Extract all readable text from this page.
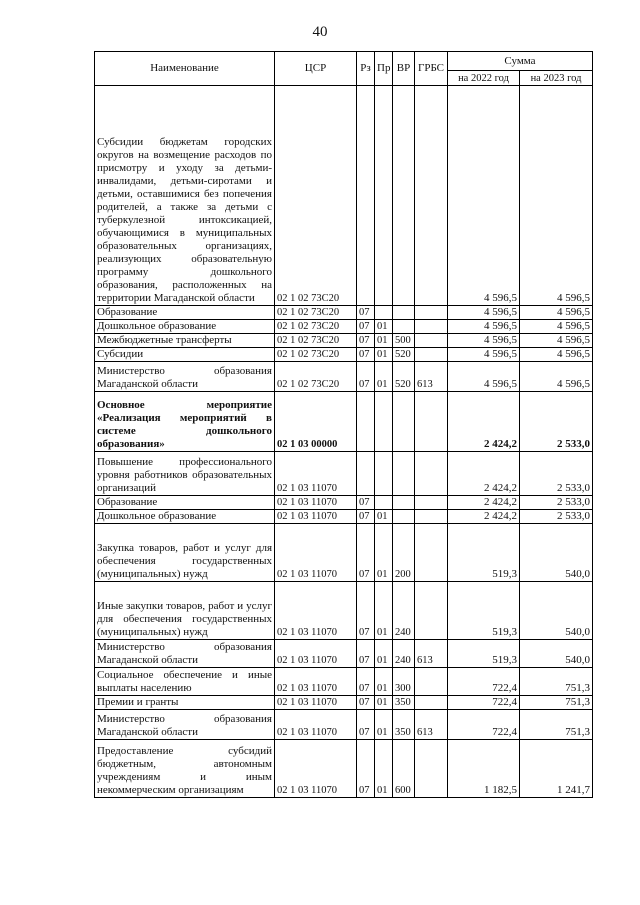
40
Наименование	ЦСР	Рз	Пр	ВР	ГРБС	Сумма	
						на 2022 год	на 2023 год
Субсидии бюджетам городских округов на возмещение расходов по присмотру и уходу за детьми-инвалидами, детьми-сиротами и детьми, оставшимися без попечения родителей, а также за детьми с туберкулезной интоксикацией, обучающимися в муниципальных образовательных организациях, реализующих образовательную программу дошкольного образования, расположенных на территории Магаданской области	02 1 02 73С20					4 596,5	4 596,5
Образование	02 1 02 73С20	07				4 596,5	4 596,5
Дошкольное образование	02 1 02 73С20	07	01			4 596,5	4 596,5
Межбюджетные трансферты	02 1 02 73С20	07	01	500		4 596,5	4 596,5
Субсидии	02 1 02 73С20	07	01	520		4 596,5	4 596,5
Министерство образования Магаданской области	02 1 02 73С20	07	01	520	613	4 596,5	4 596,5
Основное мероприятие «Реализация мероприятий в системе дошкольного образования»	02 1 03 00000					2 424,2	2 533,0
Повышение профессионального уровня работников образовательных организаций	02 1 03 11070					2 424,2	2 533,0
Образование	02 1 03 11070	07				2 424,2	2 533,0
Дошкольное образование	02 1 03 11070	07	01			2 424,2	2 533,0
Закупка товаров, работ и услуг для обеспечения государственных (муниципальных) нужд	02 1 03 11070	07	01	200		519,3	540,0
Иные закупки товаров, работ и услуг для обеспечения государственных (муниципальных) нужд	02 1 03 11070	07	01	240		519,3	540,0
Министерство образования Магаданской области	02 1 03 11070	07	01	240	613	519,3	540,0
Социальное обеспечение и иные выплаты населению	02 1 03 11070	07	01	300		722,4	751,3
Премии и гранты	02 1 03 11070	07	01	350		722,4	751,3
Министерство образования Магаданской области	02 1 03 11070	07	01	350	613	722,4	751,3
Предоставление субсидий бюджетным, автономным учреждениям и иным некоммерческим организациям	02 1 03 11070	07	01	600		1 182,5	1 241,7
